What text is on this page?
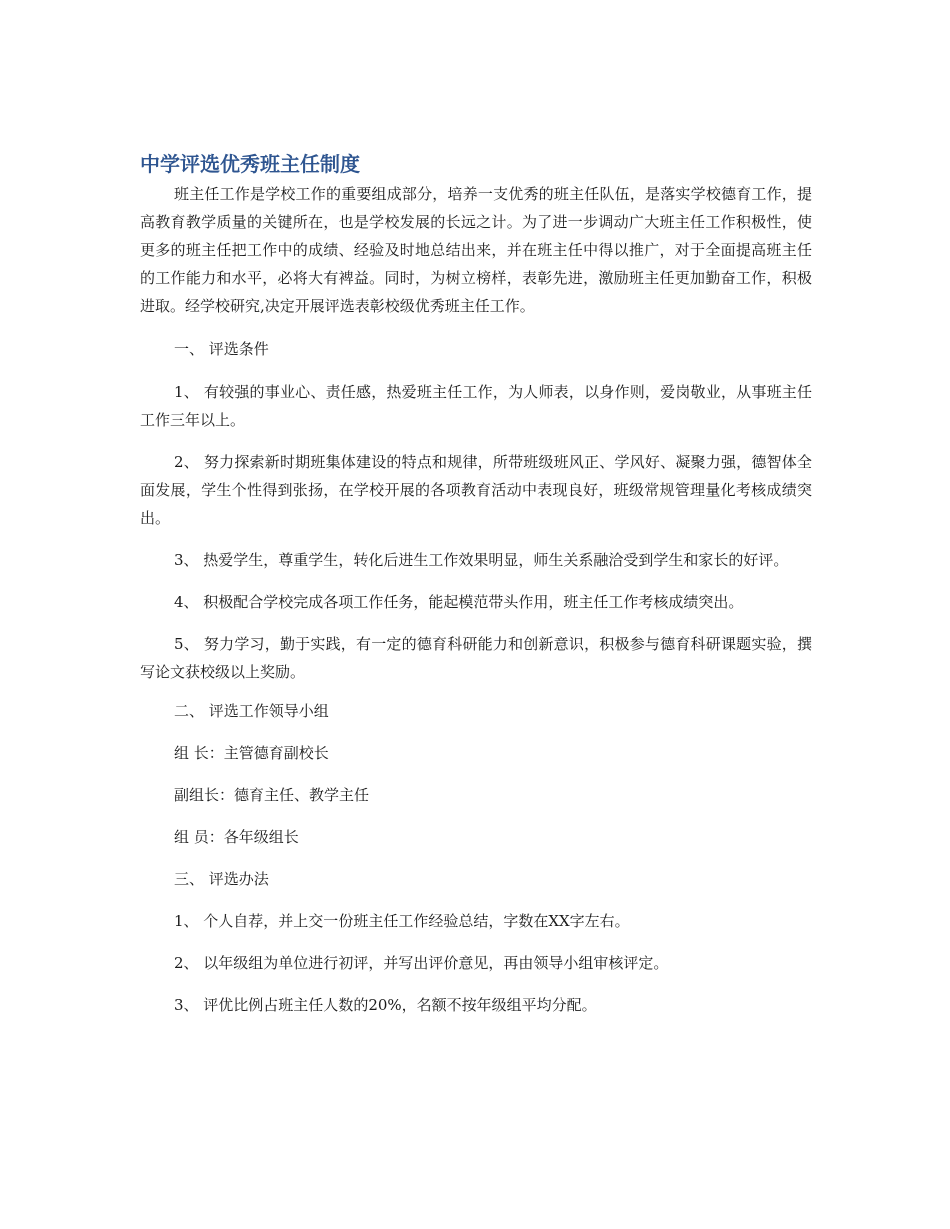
中学评选优秀班主任制度

班主任工作是学校工作的重要组成部分，培养一支优秀的班主任队伍，是落实学校德育工作，提高教育教学质量的关键所在，也是学校发展的长远之计。为了进一步调动广大班主任工作积极性，使更多的班主任把工作中的成绩、经验及时地总结出来，并在班主任中得以推广，对于全面提高班主任的工作能力和水平，必将大有裨益。同时，为树立榜样，表彰先进，激励班主任更加勤奋工作，积极进取。经学校研究,决定开展评选表彰校级优秀班主任工作。

一、 评选条件

1、 有较强的事业心、责任感，热爱班主任工作，为人师表，以身作则，爱岗敬业，从事班主任工作三年以上。

2、 努力探索新时期班集体建设的特点和规律，所带班级班风正、学风好、凝聚力强，德智体全面发展，学生个性得到张扬，在学校开展的各项教育活动中表现良好，班级常规管理量化考核成绩突出。

3、 热爱学生，尊重学生，转化后进生工作效果明显，师生关系融洽受到学生和家长的好评。

4、 积极配合学校完成各项工作任务，能起模范带头作用，班主任工作考核成绩突出。

5、 努力学习，勤于实践，有一定的德育科研能力和创新意识，积极参与德育科研课题实验，撰写论文获校级以上奖励。

二、 评选工作领导小组

组 长：主管德育副校长

副组长：德育主任、教学主任

组 员：各年级组长

三、 评选办法

1、 个人自荐，并上交一份班主任工作经验总结，字数在XX字左右。

2、 以年级组为单位进行初评，并写出评价意见，再由领导小组审核评定。

3、 评优比例占班主任人数的20%，名额不按年级组平均分配。
